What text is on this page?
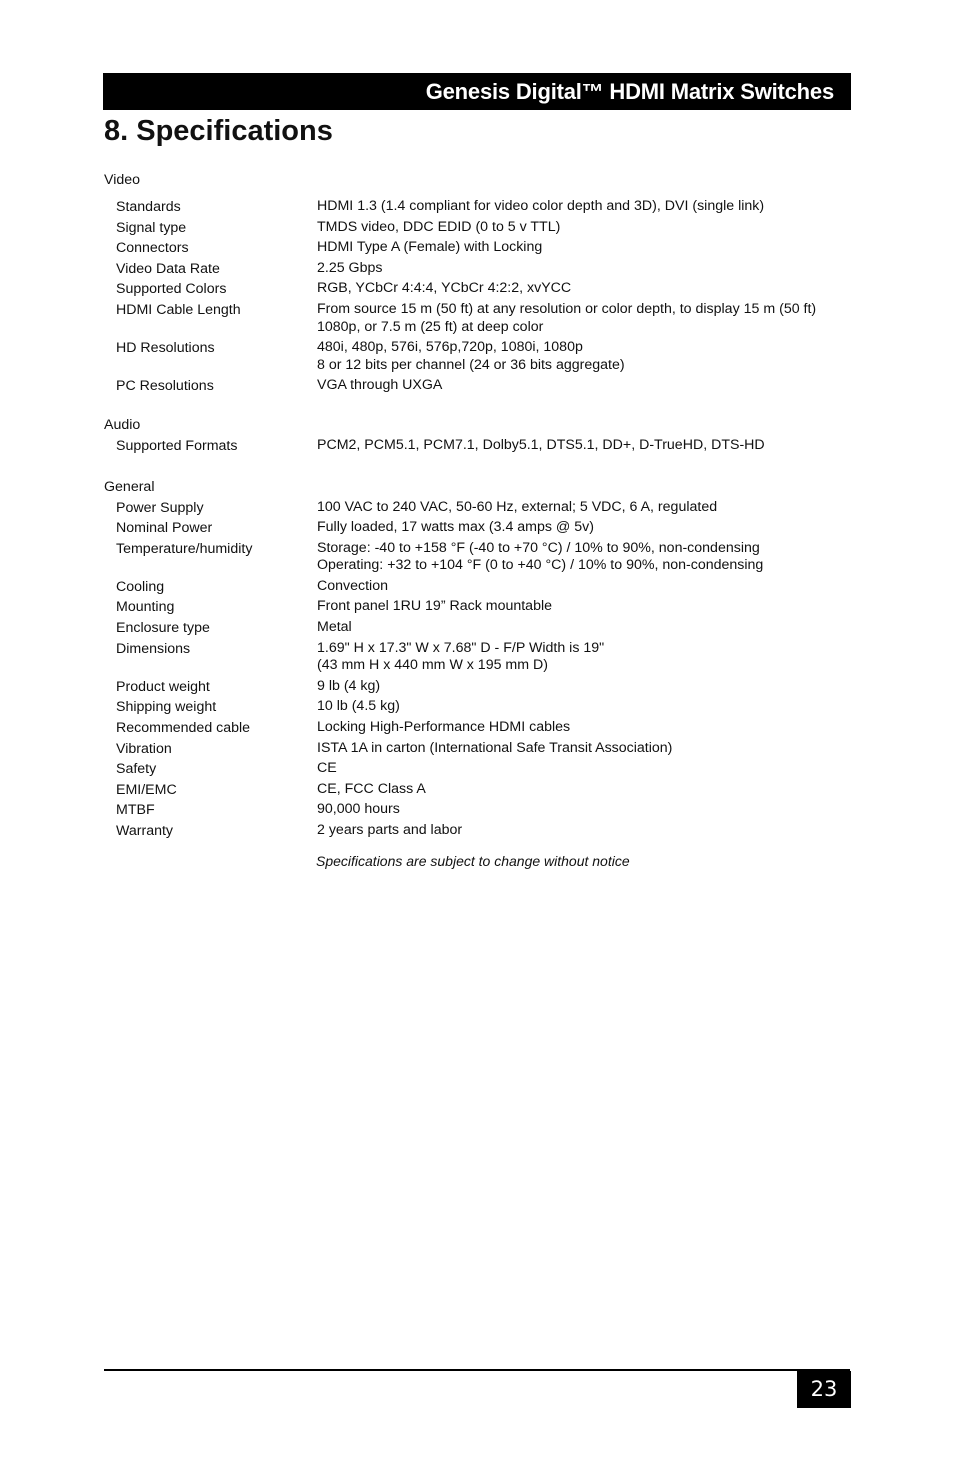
Genesis Digital™ HDMI Matrix Switches
8. Specifications
Video
Standards	HDMI 1.3 (1.4 compliant for video color depth and 3D), DVI (single link)
Signal type	TMDS video, DDC EDID (0 to 5 v TTL)
Connectors	HDMI Type A (Female) with Locking
Video Data Rate	2.25 Gbps
Supported Colors	RGB, YCbCr 4:4:4, YCbCr 4:2:2, xvYCC
HDMI Cable Length	From source 15 m (50 ft) at any resolution or color depth, to display 15 m (50 ft)
1080p, or 7.5 m (25 ft) at deep color
HD Resolutions	480i, 480p, 576i, 576p,720p, 1080i, 1080p
8 or 12 bits per channel (24 or 36 bits aggregate)
PC Resolutions	VGA through UXGA
Audio
Supported Formats	PCM2, PCM5.1, PCM7.1, Dolby5.1, DTS5.1, DD+, D-TrueHD, DTS-HD
General
Power Supply	100 VAC to 240 VAC, 50-60 Hz, external; 5 VDC, 6 A, regulated
Nominal Power	Fully loaded, 17 watts max (3.4 amps @ 5v)
Temperature/humidity	Storage: -40 to +158 °F (-40 to +70 °C) / 10% to 90%, non-condensing
Operating: +32 to +104 °F (0 to +40 °C) / 10% to 90%, non-condensing
Cooling	Convection
Mounting	Front panel 1RU 19” Rack mountable
Enclosure type	Metal
Dimensions	1.69" H x 17.3" W x 7.68" D - F/P Width is 19"
(43 mm H x 440 mm W x 195 mm D)
Product weight	9 lb (4 kg)
Shipping weight	10 lb (4.5 kg)
Recommended cable	Locking High-Performance HDMI cables
Vibration	ISTA 1A in carton (International Safe Transit Association)
Safety	CE
EMI/EMC	CE, FCC Class A
MTBF	90,000 hours
Warranty	2 years parts and labor
Specifications are subject to change without notice
23
